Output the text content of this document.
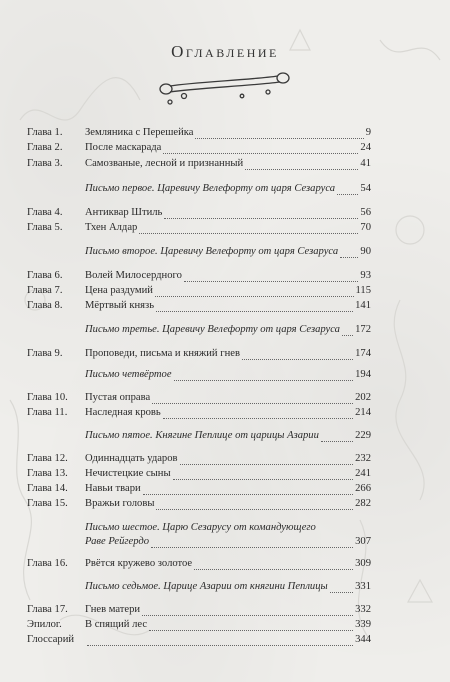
Оглавление
Глава 1.	Земляника с Перешейка	9
Глава 2.	После маскарада	24
Глава 3.	Самозваные, лесной и признанный	41
Письмо первое. Царевичу Велефорту от царя Сезаруса 54
Глава 4.	Антиквар Штиль	56
Глава 5.	Тхен Алдар	70
Письмо второе. Царевичу Велефорту от царя Сезаруса 90
Глава 6.	Волей Милосердного	93
Глава 7.	Цена раздумий	115
Глава 8.	Мёртвый князь	141
Письмо третье. Царевичу Велефорту от царя Сезаруса 172
Глава 9.	Проповеди, письма и княжий гнев	174
Письмо четвёртое	194
Глава 10.	Пустая оправа	202
Глава 11.	Наследная кровь	214
Письмо пятое. Княгине Пеплице от царицы Азарии	229
Глава 12.	Одиннадцать ударов	232
Глава 13.	Нечистецкие сыны	241
Глава 14.	Навьи твари	266
Глава 15.	Вражьи головы	282
Письмо шестое. Царю Сезарусу от командующего
Раве Рейгердо	307
Глава 16.	Рвётся кружево золотое	309
Письмо седьмое. Царице Азарии от княгини Пеплицы	331
Глава 17.	Гнев матери	332
Эпилог.	В спящий лес	339
Глоссарий	344
